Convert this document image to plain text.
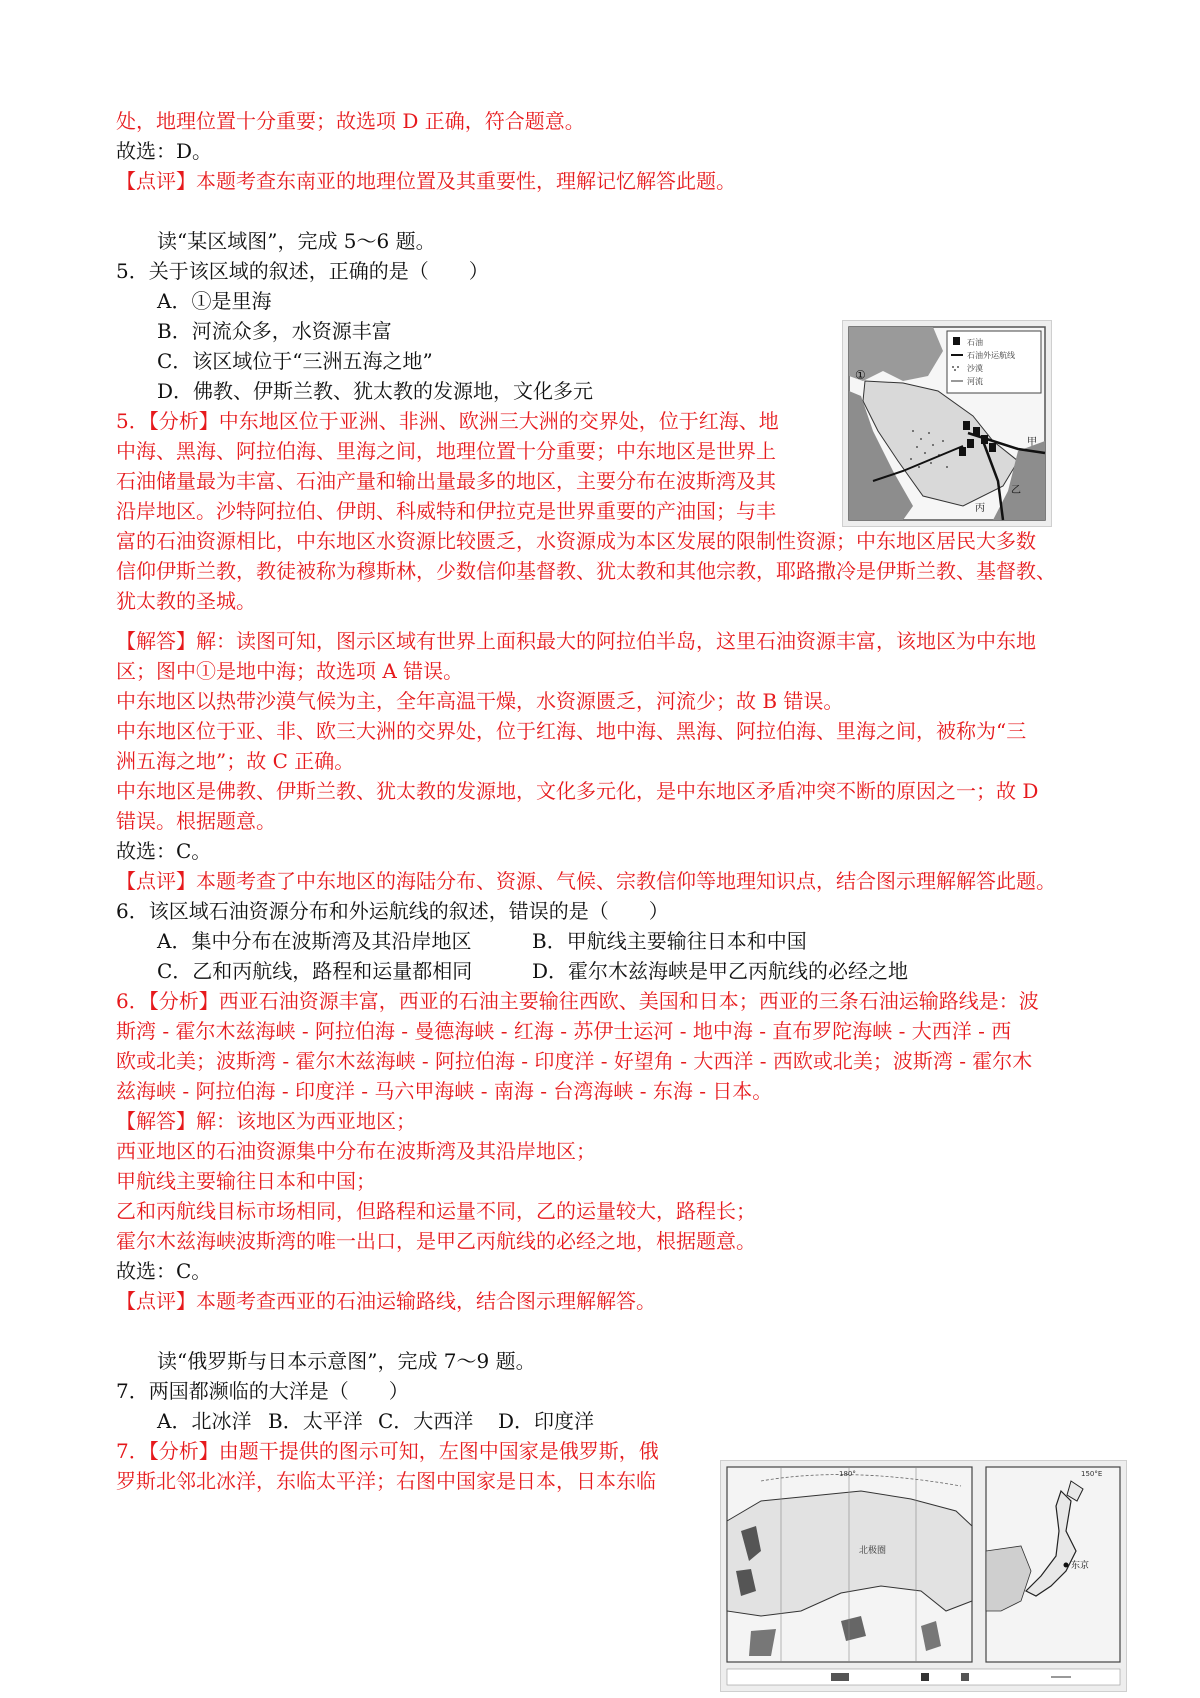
处，地理位置十分重要；故选项 D 正确，符合题意。
故选：D。
【点评】本题考查东南亚的地理位置及其重要性，理解记忆解答此题。
读“某区域图”，完成 5～6 题。
5．关于该区域的叙述，正确的是（　　）
A．①是里海
B．河流众多，水资源丰富
C．该区域位于“三洲五海之地”
D．佛教、伊斯兰教、犹太教的发源地，文化多元
5．【分析】中东地区位于亚洲、非洲、欧洲三大洲的交界处，位于红海、地
中海、黑海、阿拉伯海、里海之间，地理位置十分重要；中东地区是世界上
石油储量最为丰富、石油产量和输出量最多的地区，主要分布在波斯湾及其
沿岸地区。沙特阿拉伯、伊朗、科威特和伊拉克是世界重要的产油国；与丰
富的石油资源相比，中东地区水资源比较匮乏，水资源成为本区发展的限制性资源；中东地区居民大多数
信仰伊斯兰教，教徒被称为穆斯林，少数信仰基督教、犹太教和其他宗教，耶路撒冷是伊斯兰教、基督教、
犹太教的圣城。
【解答】解：读图可知，图示区域有世界上面积最大的阿拉伯半岛，这里石油资源丰富，该地区为中东地
区；图中①是地中海；故选项 A 错误。
中东地区以热带沙漠气候为主，全年高温干燥，水资源匮乏，河流少；故 B 错误。
中东地区位于亚、非、欧三大洲的交界处，位于红海、地中海、黑海、阿拉伯海、里海之间，被称为“三
洲五海之地”；故 C 正确。
中东地区是佛教、伊斯兰教、犹太教的发源地，文化多元化，是中东地区矛盾冲突不断的原因之一；故 D
错误。根据题意。
故选：C。
【点评】本题考查了中东地区的海陆分布、资源、气候、宗教信仰等地理知识点，结合图示理解解答此题。
6．该区域石油资源分布和外运航线的叙述，错误的是（　　）
A．集中分布在波斯湾及其沿岸地区	B．甲航线主要输往日本和中国
C．乙和丙航线，路程和运量都相同	D．霍尔木兹海峡是甲乙丙航线的必经之地
6．【分析】西亚石油资源丰富，西亚的石油主要输往西欧、美国和日本；西亚的三条石油运输路线是：波
斯湾 - 霍尔木兹海峡 - 阿拉伯海 - 曼德海峡 - 红海 - 苏伊士运河 - 地中海 - 直布罗陀海峡 - 大西洋 - 西
欧或北美；波斯湾 - 霍尔木兹海峡 - 阿拉伯海 - 印度洋 - 好望角 - 大西洋 - 西欧或北美；波斯湾 - 霍尔木
兹海峡 - 阿拉伯海 - 印度洋 - 马六甲海峡 - 南海 - 台湾海峡 - 东海 - 日本。
【解答】解：该地区为西亚地区；
西亚地区的石油资源集中分布在波斯湾及其沿岸地区；
甲航线主要输往日本和中国；
乙和丙航线目标市场相同，但路程和运量不同，乙的运量较大，路程长；
霍尔木兹海峡波斯湾的唯一出口，是甲乙丙航线的必经之地，根据题意。
故选：C。
【点评】本题考查西亚的石油运输路线，结合图示理解解答。
读“俄罗斯与日本示意图”，完成 7～9 题。
7．两国都濒临的大洋是（　　）
A．北冰洋 B．太平洋 C．大西洋 D．印度洋
7．【分析】由题干提供的图示可知，左图中国家是俄罗斯，俄
罗斯北邻北冰洋，东临太平洋；右图中国家是日本，日本东临
石油
石油外运航线
沙漠
河流
①
甲
乙
丙
北极圈
180°
东京
150°E
